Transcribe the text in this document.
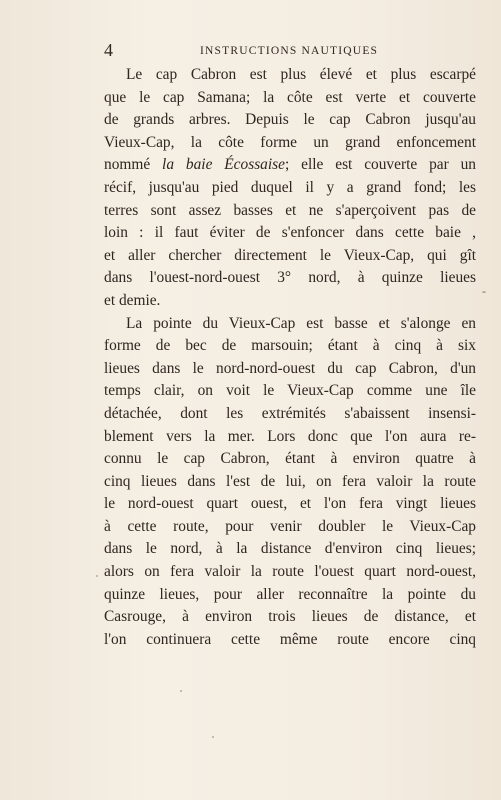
4	INSTRUCTIONS NAUTIQUES
Le cap Cabron est plus élevé et plus escarpé
que le cap Samana; la côte est verte et couverte
de grands arbres. Depuis le cap Cabron jusqu'au
Vieux-Cap, la côte forme un grand enfoncement
nommé la baie Écossaise; elle est couverte par un
récif, jusqu'au pied duquel il y a grand fond; les
terres sont assez basses et ne s'aperçoivent pas de
loin : il faut éviter de s'enfoncer dans cette baie ,
et aller chercher directement le Vieux-Cap, qui gît
dans l'ouest-nord-ouest 3° nord, à quinze lieues
et demie.
La pointe du Vieux-Cap est basse et s'alonge en
forme de bec de marsouin; étant à cinq à six
lieues dans le nord-nord-ouest du cap Cabron, d'un
temps clair, on voit le Vieux-Cap comme une île
détachée, dont les extrémités s'abaissent insensi-
blement vers la mer. Lors donc que l'on aura re-
connu le cap Cabron, étant à environ quatre à
cinq lieues dans l'est de lui, on fera valoir la route
le nord-ouest quart ouest, et l'on fera vingt lieues
à cette route, pour venir doubler le Vieux-Cap
dans le nord, à la distance d'environ cinq lieues;
alors on fera valoir la route l'ouest quart nord-ouest,
quinze lieues, pour aller reconnaître la pointe du
Casrouge, à environ trois lieues de distance, et
l'on continuera cette même route encore cinq
-
